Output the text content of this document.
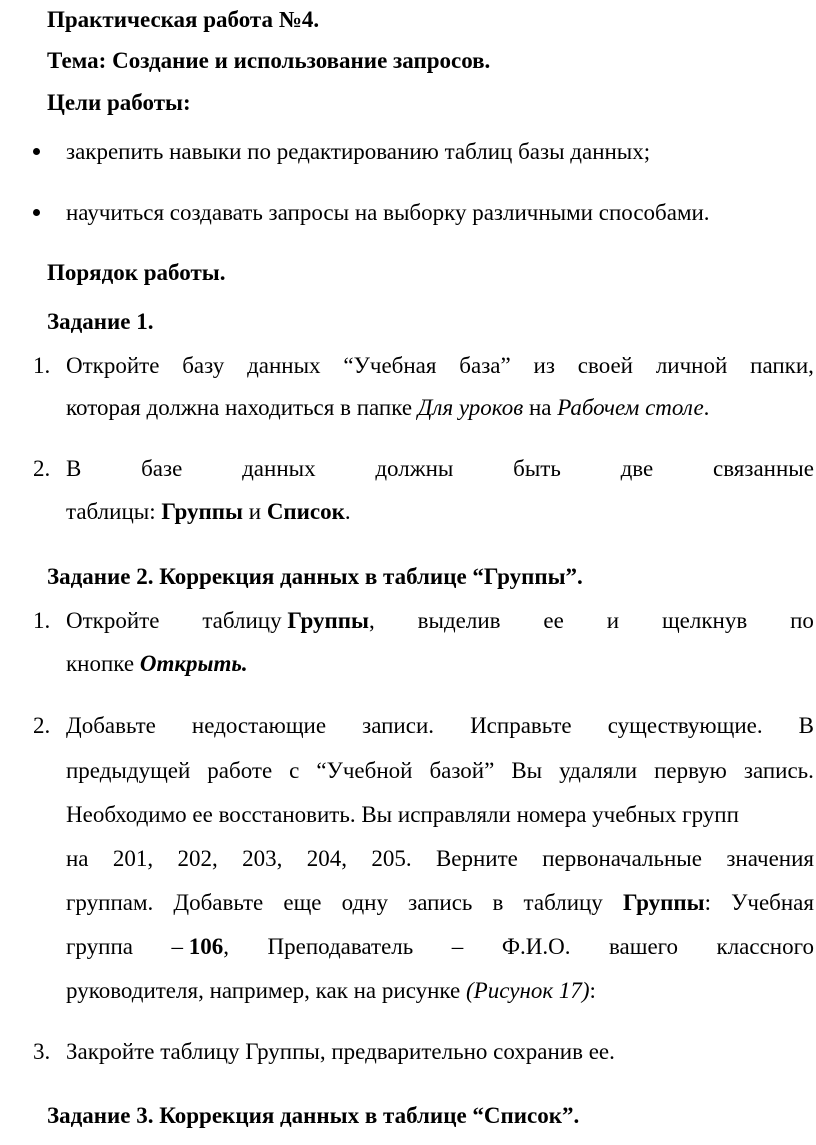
Практическая работа №4.
Тема: Создание и использование запросов.
Цели работы:
закрепить навыки по редактированию таблиц базы данных;
научиться создавать запросы на выборку различными способами.
Порядок работы.
Задание 1.
1. Откройте базу данных “Учебная база” из своей личной папки,
которая должна находиться в папке Для уроков на Рабочем столе.
2. В	базе	данных	должны	быть	две	связанные
таблицы: Группы и Список.
Задание 2. Коррекция данных в таблице “Группы”.
1. Откройте таблицу Группы, выделив ее и щелкнув по
кнопке Открыть.
2. Добавьте недостающие записи. Исправьте существующие. В
предыдущей работе с “Учебной базой” Вы удаляли первую запись.
Необходимо ее восстановить. Вы исправляли номера учебных групп
на 201, 202, 203, 204, 205. Верните первоначальные значения
группам. Добавьте еще одну запись в таблицу Группы: Учебная
группа – 106, Преподаватель – Ф.И.О. вашего классного
руководителя, например, как на рисунке (Рисунок 17):
3. Закройте таблицу Группы, предварительно сохранив ее.
Задание 3. Коррекция данных в таблице “Список”.
